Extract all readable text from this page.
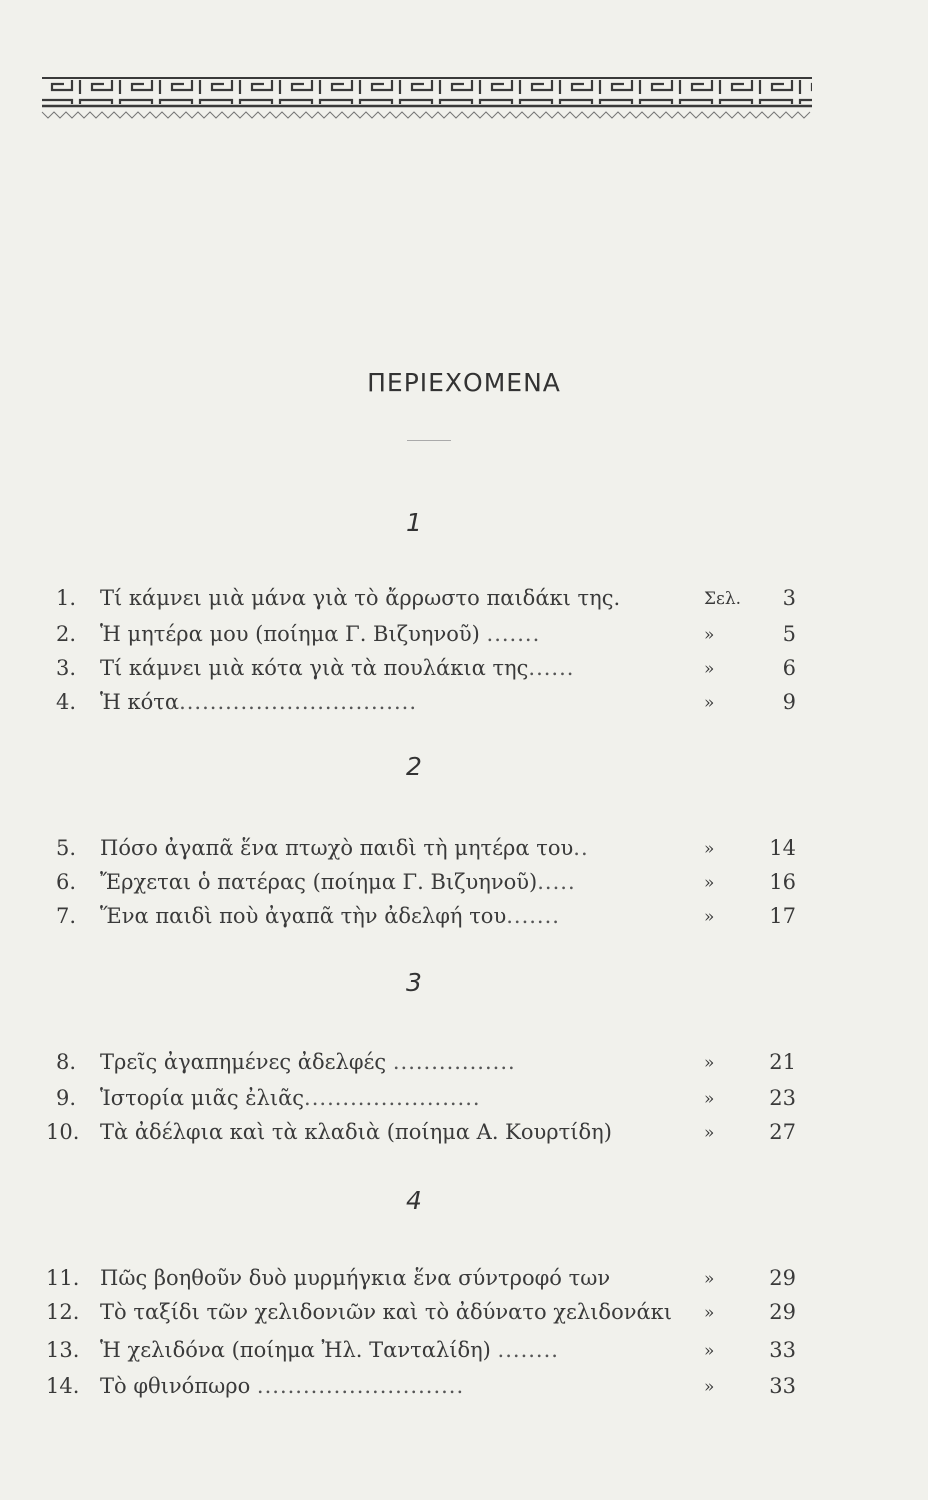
ΠΕΡΙΕΧΟΜΕΝΑ
1
1. Τί κάμνει μιὰ μάνα γιὰ τὸ ἄρρωστο παιδάκι της.	Σελ.	3
2. Ἡ μητέρα μου (ποίημα Γ. Βιζυηνοῦ) .......	»	5
3. Τί κάμνει μιὰ κότα γιὰ τὰ πουλάκια της......	»	6
4. Ἡ κότα...............................	»	9
2
5. Πόσο ἀγαπᾶ ἕνα πτωχὸ παιδὶ τὴ μητέρα του..	»	14
6. Ἔρχεται ὁ πατέρας (ποίημα Γ. Βιζυηνοῦ).....	»	16
7. Ἕνα παιδὶ ποὺ ἀγαπᾶ τὴν ἀδελφή του.......	»	17
3
8. Τρεῖς ἀγαπημένες ἀδελφές ................	»	21
9. Ἱστορία μιᾶς ἐλιᾶς.......................	»	23
10. Τὰ ἀδέλφια καὶ τὰ κλαδιὰ (ποίημα Α. Κουρτίδη)	»	27
4
11. Πῶς βοηθοῦν δυὸ μυρμήγκια ἕνα σύντροφό των	»	29
12. Τὸ ταξίδι τῶν χελιδονιῶν καὶ τὸ ἀδύνατο χελιδονάκι »	29
13. Ἡ χελιδόνα (ποίημα Ἠλ. Τανταλίδη) ........	»	33
14. Τὸ φθινόπωρο ...........................	»	33
